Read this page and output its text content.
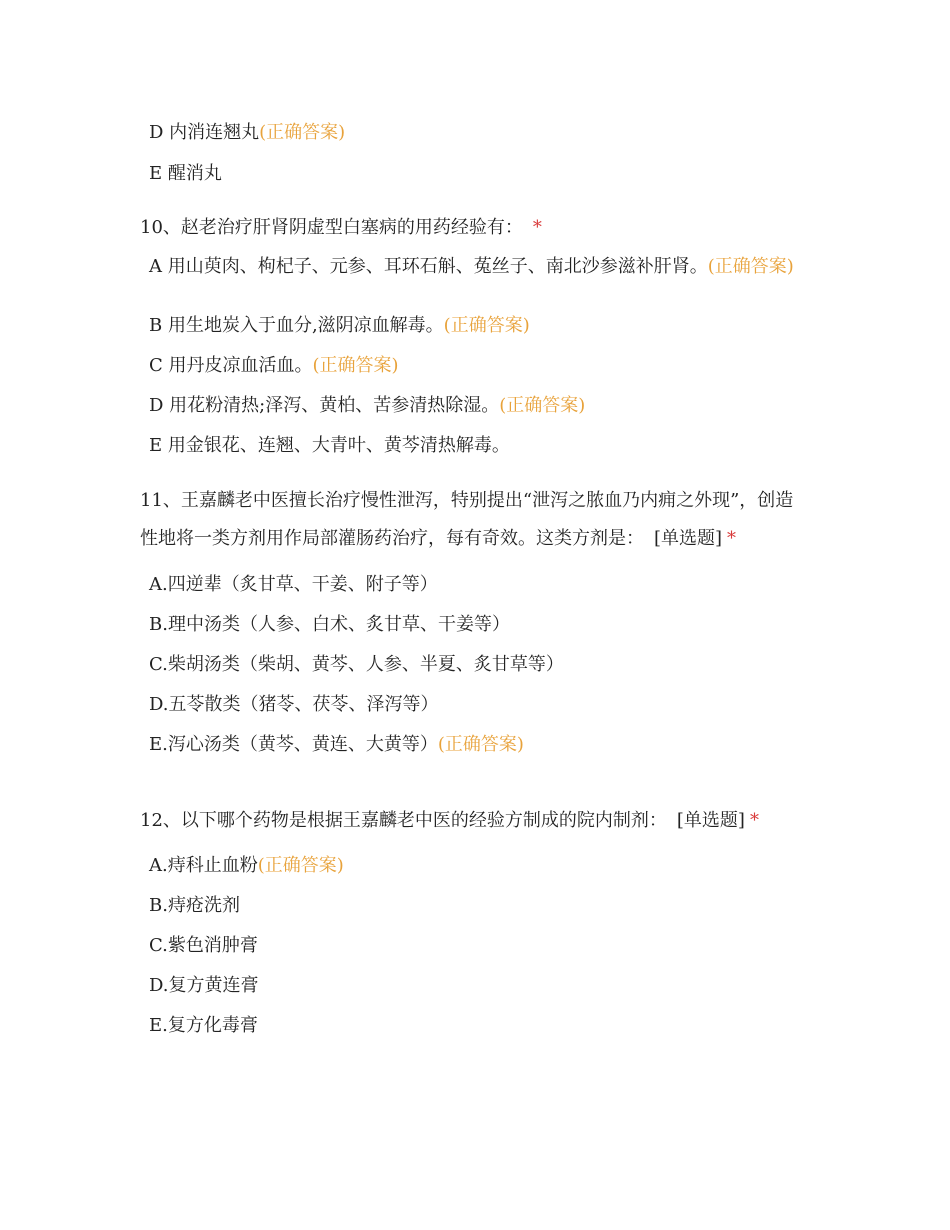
D 内消连翘丸(正确答案)
E 醒消丸
10、赵老治疗肝肾阴虚型白塞病的用药经验有： *
A 用山萸肉、枸杞子、元参、耳环石斛、菟丝子、南北沙参滋补肝肾。(正确答案)
B 用生地炭入于血分,滋阴凉血解毒。(正确答案)
C 用丹皮凉血活血。(正确答案)
D 用花粉清热;泽泻、黄柏、苦参清热除湿。(正确答案)
E 用金银花、连翘、大青叶、黄芩清热解毒。
11、王嘉麟老中医擅长治疗慢性泄泻，特别提出“泄泻之脓血乃内痈之外现”，创造
性地将一类方剂用作局部灌肠药治疗，每有奇效。这类方剂是： [单选题] *
A.四逆辈（炙甘草、干姜、附子等）
B.理中汤类（人参、白术、炙甘草、干姜等）
C.柴胡汤类（柴胡、黄芩、人参、半夏、炙甘草等）
D.五苓散类（猪苓、茯苓、泽泻等）
E.泻心汤类（黄芩、黄连、大黄等）(正确答案)
12、以下哪个药物是根据王嘉麟老中医的经验方制成的院内制剂： [单选题] *
A.痔科止血粉(正确答案)
B.痔疮洗剂
C.紫色消肿膏
D.复方黄连膏
E.复方化毒膏
